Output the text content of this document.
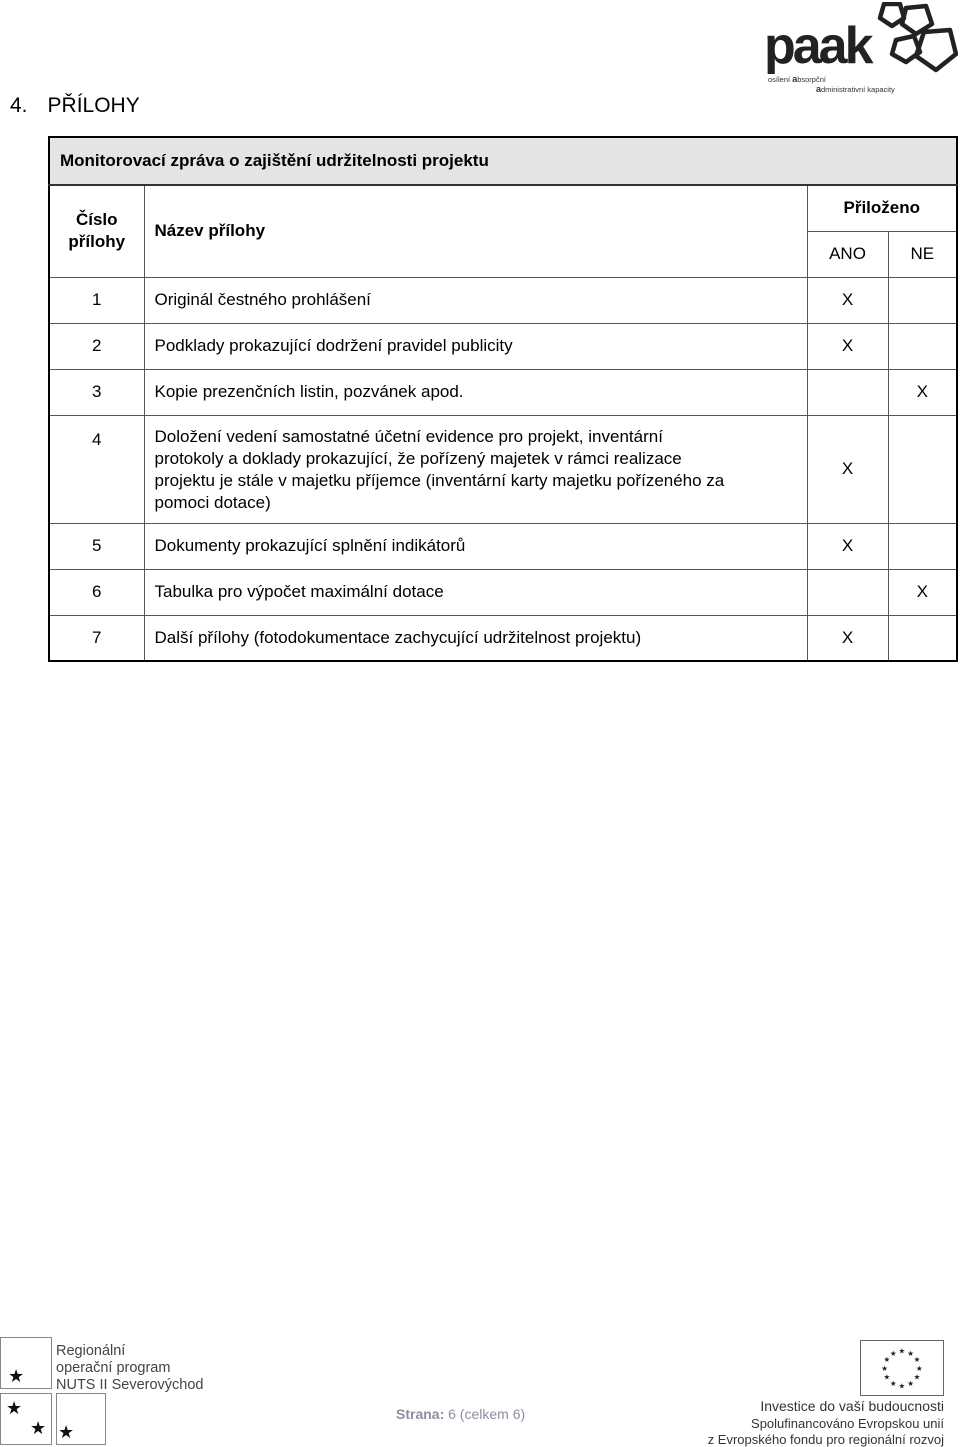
paak
osílení absorpční
administrativní kapacity
4. PŘÍLOHY
Monitorovací zpráva o zajištění udržitelnosti projektu			
Číslo přílohy	Název přílohy	Přiloženo	
		ANO	NE
1	Originál čestného prohlášení	X	
2	Podklady prokazující dodržení pravidel publicity	X	
3	Kopie prezenčních listin, pozvánek apod.		X
4	Doložení vedení samostatné účetní evidence pro projekt, inventární
protokoly a doklady prokazující, že pořízený majetek v rámci realizace
projektu je stále v majetku příjemce (inventární karty majetku pořízeného za
pomoci dotace)	X	
5	Dokumenty prokazující splnění indikátorů	X	
6	Tabulka pro výpočet maximální dotace		X
7	Další přílohy (fotodokumentace zachycující udržitelnost projektu)	X	
★
★
★ ★
Regionální
operační program
NUTS II Severovýchod
Strana: 6 (celkem 6)
★ ★
★
★
★
★
★
★
★
★
★
★
Investice do vaší budoucnosti
Spolufinancováno Evropskou unií
z Evropského fondu pro regionální rozvoj
